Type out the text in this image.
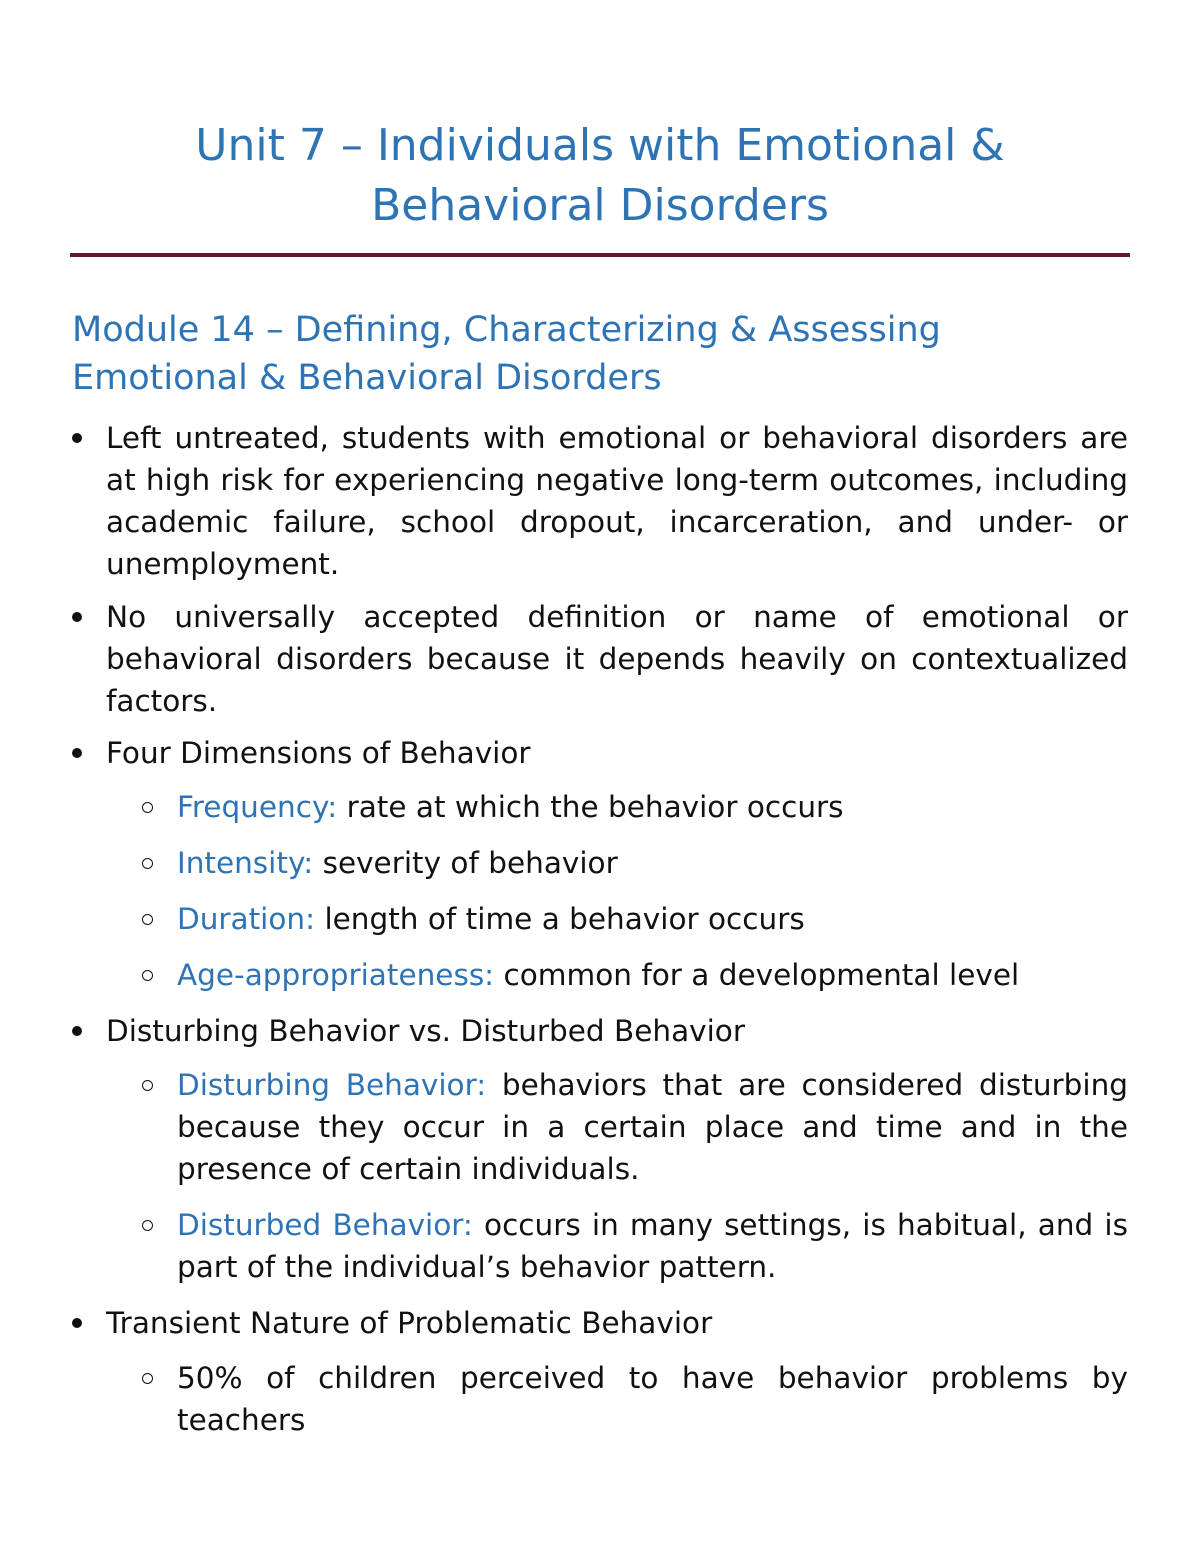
Unit 7 – Individuals with Emotional &
Behavioral Disorders
Module 14 – Defining, Characterizing & Assessing
Emotional & Behavioral Disorders
Left untreated, students with emotional or behavioral disorders are at high risk for experiencing negative long-term outcomes, including academic failure, school dropout, incarceration, and under- or unemployment.
No universally accepted definition or name of emotional or behavioral disorders because it depends heavily on contextualized factors.
Four Dimensions of Behavior
Frequency: rate at which the behavior occurs
Intensity: severity of behavior
Duration: length of time a behavior occurs
Age-appropriateness: common for a developmental level
Disturbing Behavior vs. Disturbed Behavior
Disturbing Behavior: behaviors that are considered disturbing because they occur in a certain place and time and in the presence of certain individuals.
Disturbed Behavior: occurs in many settings, is habitual, and is part of the individual’s behavior pattern.
Transient Nature of Problematic Behavior
50% of children perceived to have behavior problems by teachers
